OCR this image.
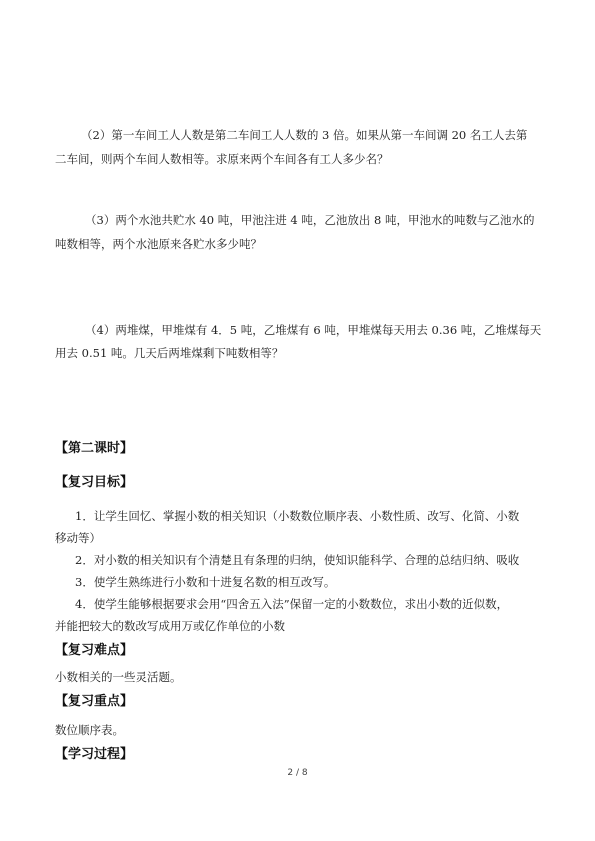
（2）第一车间工人人数是第二车间工人人数的 3 倍。如果从第一车间调 20 名工人去第
二车间，则两个车间人数相等。求原来两个车间各有工人多少名？
（3）两个水池共贮水 40 吨，甲池注进 4 吨，乙池放出 8 吨，甲池水的吨数与乙池水的
吨数相等，两个水池原来各贮水多少吨？
（4）两堆煤，甲堆煤有 4．5 吨，乙堆煤有 6 吨，甲堆煤每天用去 0.36 吨，乙堆煤每天
用去 0.51 吨。几天后两堆煤剩下吨数相等？
【第二课时】
【复习目标】
1．让学生回忆、掌握小数的相关知识（小数数位顺序表、小数性质、改写、化简、小数
移动等）
2．对小数的相关知识有个清楚且有条理的归纳，使知识能科学、合理的总结归纳、吸收
3．使学生熟练进行小数和十进复名数的相互改写。
4．使学生能够根据要求会用“四舍五入法”保留一定的小数数位，求出小数的近似数，
并能把较大的数改写成用万或亿作单位的小数
【复习难点】
小数相关的一些灵活题。
【复习重点】
数位顺序表。
【学习过程】
2 / 8
